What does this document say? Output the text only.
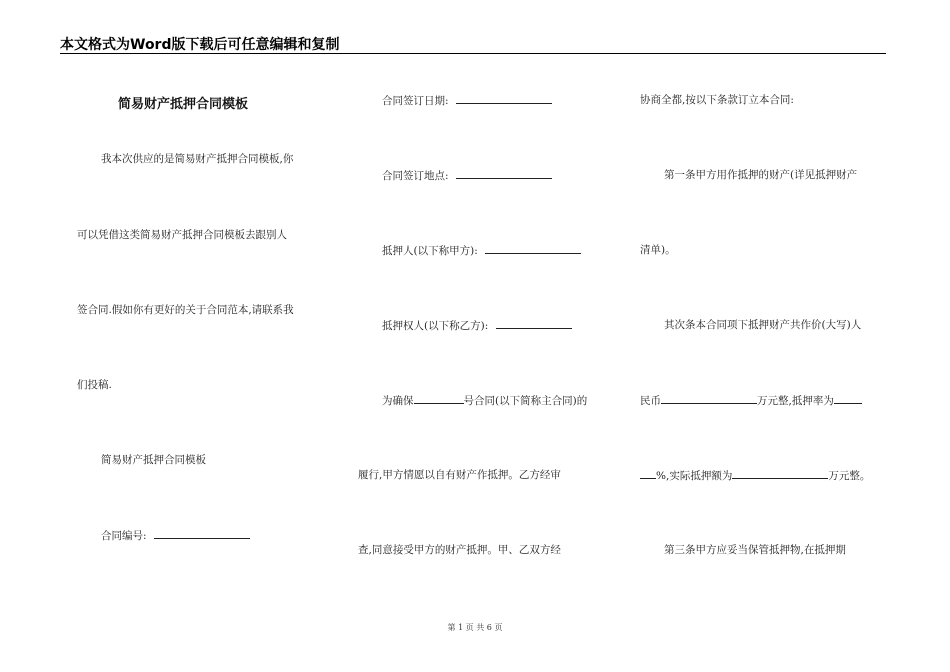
本文格式为Word版下载后可任意编辑和复制
简易财产抵押合同模板
我本次供应的是简易财产抵押合同模板,你
可以凭借这类简易财产抵押合同模板去跟别人
签合同.假如你有更好的关于合同范本,请联系我
们投稿.
简易财产抵押合同模板
合同编号:
合同签订日期:
合同签订地点:
抵押人(以下称甲方):
抵押权人(以下称乙方):
为确保	号合同(以下简称主合同)的
履行,甲方情愿以自有财产作抵押。乙方经审
查,同意接受甲方的财产抵押。甲、乙双方经
协商全都,按以下条款订立本合同:
第一条甲方用作抵押的财产(详见抵押财产
清单)。
其次条本合同项下抵押财产共作价(大写)人
民币	万元整,抵押率为
%,实际抵押额为	万元整。
第三条甲方应妥当保管抵押物,在抵押期
第 1 页 共 6 页
